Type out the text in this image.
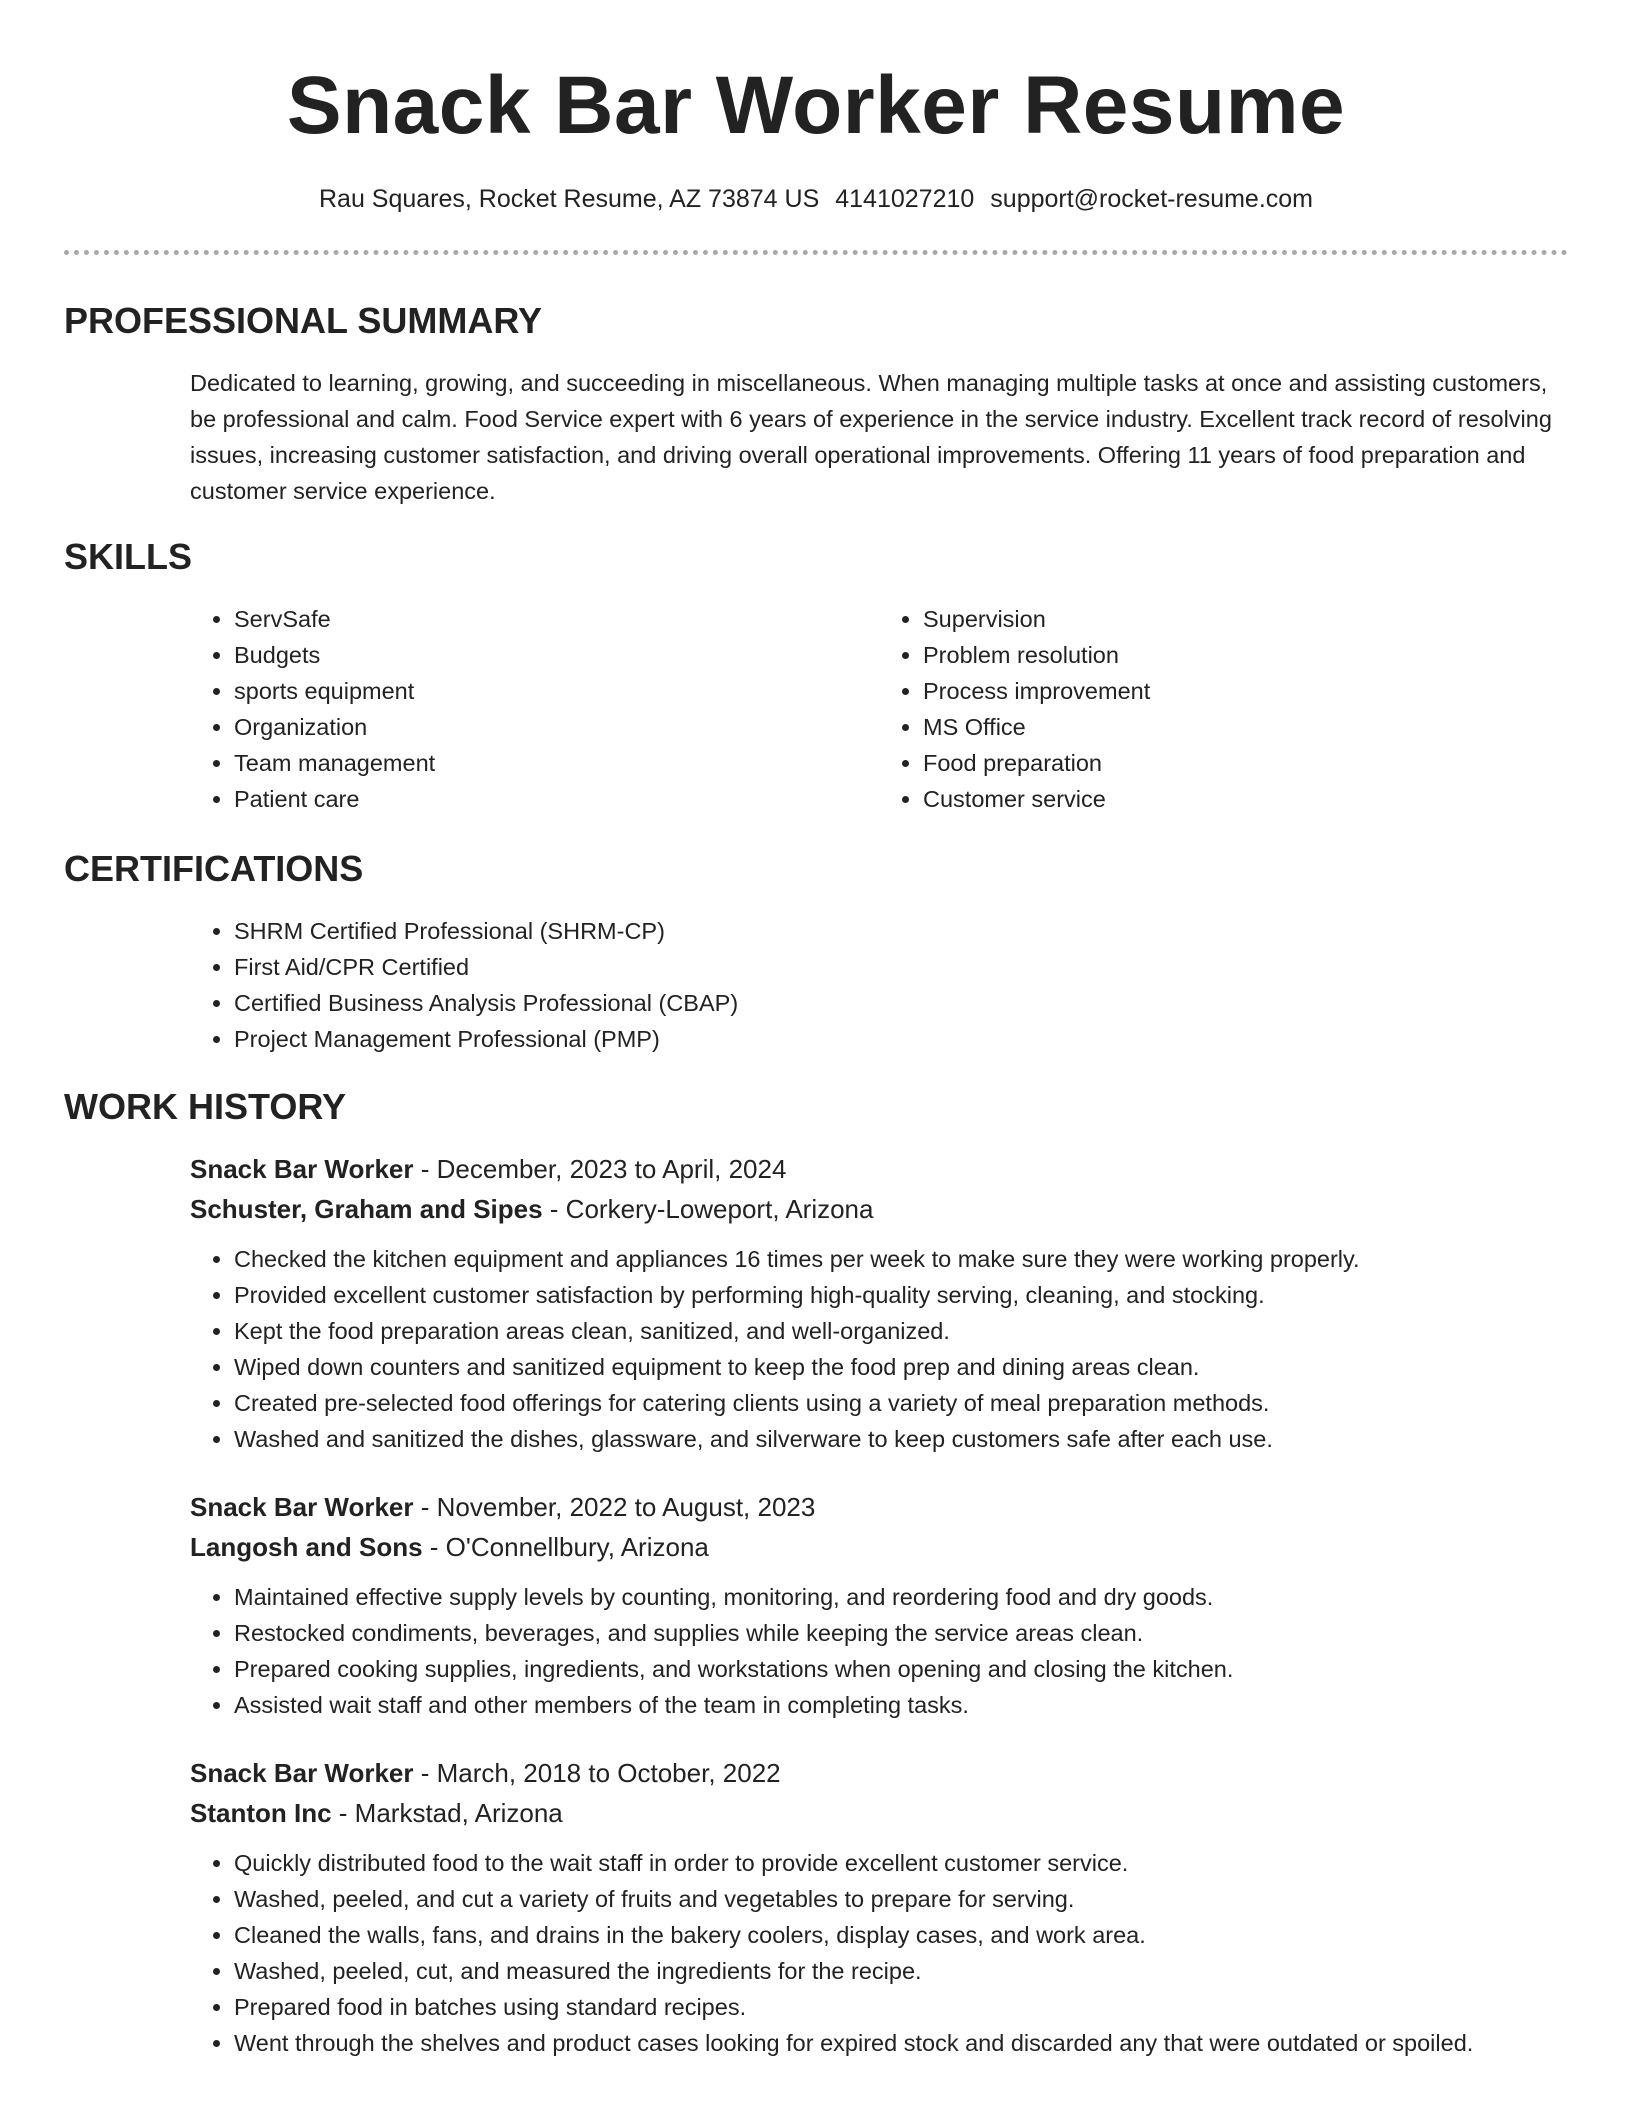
Snack Bar Worker Resume
Rau Squares, Rocket Resume, AZ 73874 US 4141027210 support@rocket-resume.com
PROFESSIONAL SUMMARY

Dedicated to learning, growing, and succeeding in miscellaneous. When managing multiple tasks at once and assisting customers, be professional and calm. Food Service expert with 6 years of experience in the service industry. Excellent track record of resolving issues, increasing customer satisfaction, and driving overall operational improvements. Offering 11 years of food preparation and customer service experience.

SKILLS
• ServSafe
• Budgets
• sports equipment
• Organization
• Team management
• Patient care
• Supervision
• Problem resolution
• Process improvement
• MS Office
• Food preparation
• Customer service
CERTIFICATIONS
• SHRM Certified Professional (SHRM-CP)
• First Aid/CPR Certified
• Certified Business Analysis Professional (CBAP)
• Project Management Professional (PMP)
WORK HISTORY
Snack Bar Worker - December, 2023 to April, 2024
Schuster, Graham and Sipes - Corkery-Loweport, Arizona
• Checked the kitchen equipment and appliances 16 times per week to make sure they were working properly.
• Provided excellent customer satisfaction by performing high-quality serving, cleaning, and stocking.
• Kept the food preparation areas clean, sanitized, and well-organized.
• Wiped down counters and sanitized equipment to keep the food prep and dining areas clean.
• Created pre-selected food offerings for catering clients using a variety of meal preparation methods.
• Washed and sanitized the dishes, glassware, and silverware to keep customers safe after each use.
Snack Bar Worker - November, 2022 to August, 2023
Langosh and Sons - O'Connellbury, Arizona
• Maintained effective supply levels by counting, monitoring, and reordering food and dry goods.
• Restocked condiments, beverages, and supplies while keeping the service areas clean.
• Prepared cooking supplies, ingredients, and workstations when opening and closing the kitchen.
• Assisted wait staff and other members of the team in completing tasks.
Snack Bar Worker - March, 2018 to October, 2022
Stanton Inc - Markstad, Arizona
• Quickly distributed food to the wait staff in order to provide excellent customer service.
• Washed, peeled, and cut a variety of fruits and vegetables to prepare for serving.
• Cleaned the walls, fans, and drains in the bakery coolers, display cases, and work area.
• Washed, peeled, cut, and measured the ingredients for the recipe.
• Prepared food in batches using standard recipes.
• Went through the shelves and product cases looking for expired stock and discarded any that were outdated or spoiled.
